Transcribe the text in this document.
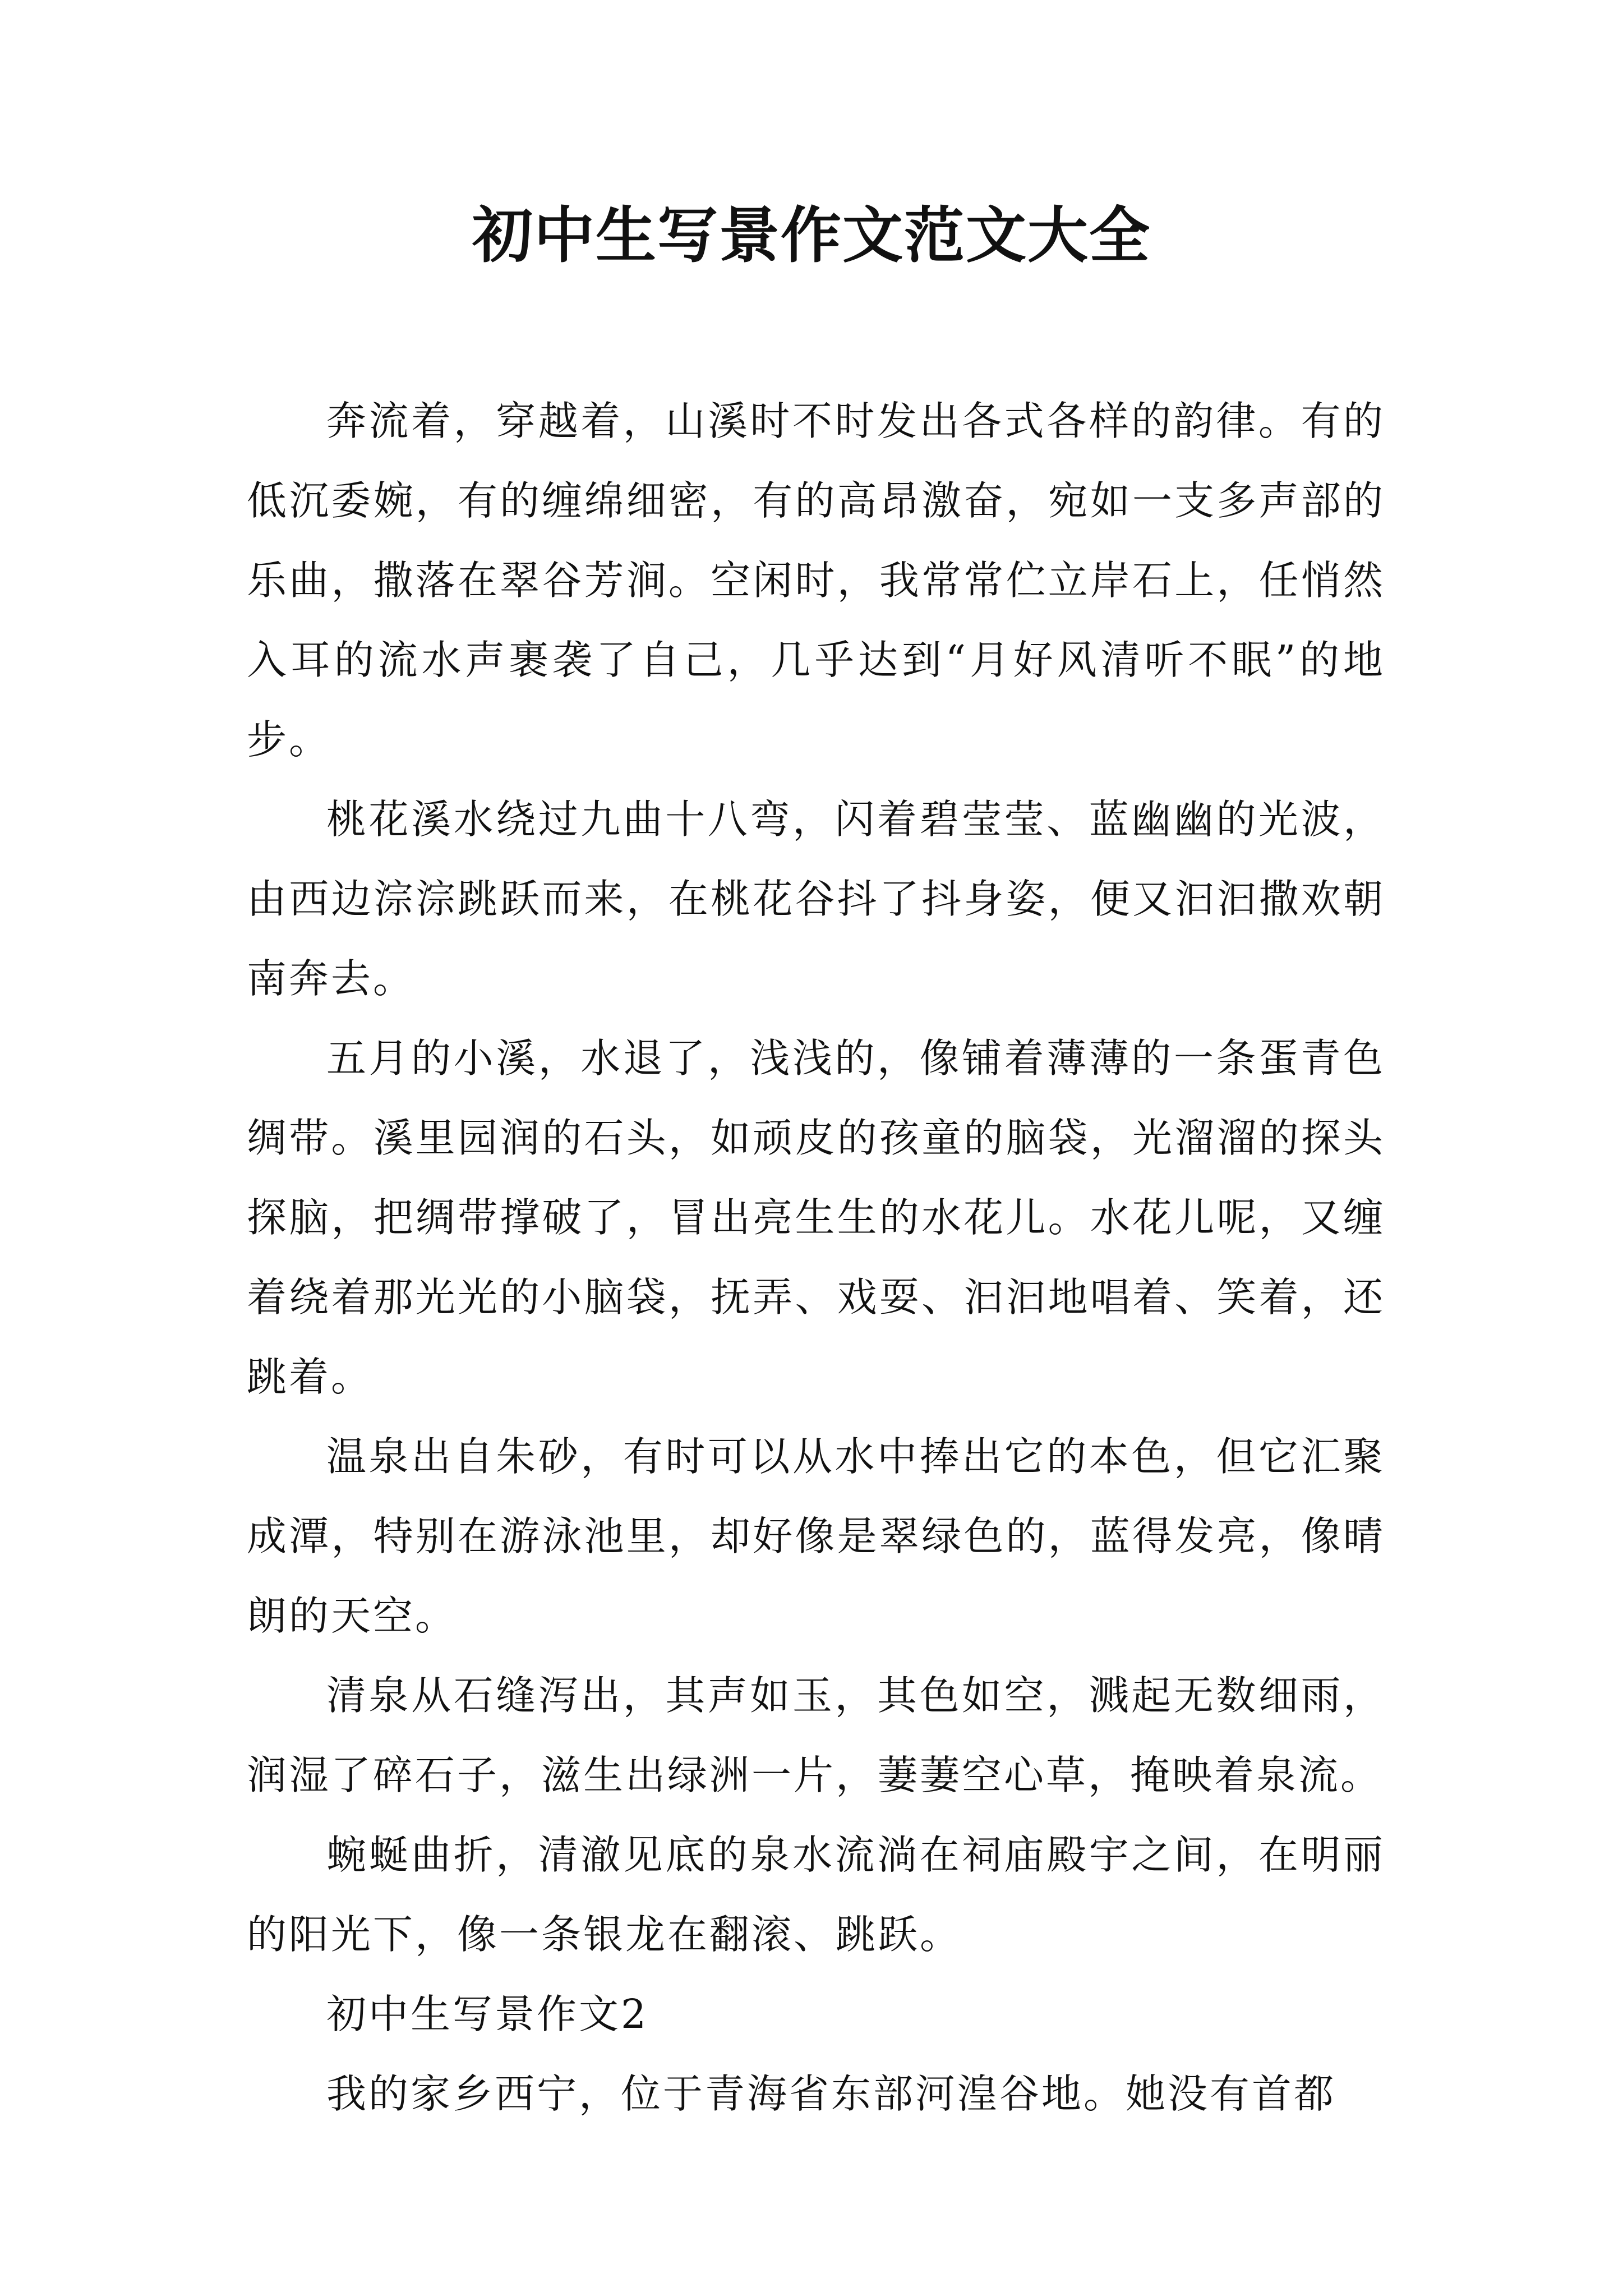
初中生写景作文范文大全

奔流着，穿越着，山溪时不时发出各式各样的韵律。有的低沉委婉，有的缠绵细密，有的高昂激奋，宛如一支多声部的乐曲，撒落在翠谷芳涧。空闲时，我常常伫立岸石上，任悄然入耳的流水声裹袭了自己，几乎达到“月好风清听不眠”的地步。

桃花溪水绕过九曲十八弯，闪着碧莹莹、蓝幽幽的光波，由西边淙淙跳跃而来，在桃花谷抖了抖身姿，便又汩汩撒欢朝南奔去。

五月的小溪，水退了，浅浅的，像铺着薄薄的一条蛋青色绸带。溪里园润的石头，如顽皮的孩童的脑袋，光溜溜的探头探脑，把绸带撑破了，冒出亮生生的水花儿。水花儿呢，又缠着绕着那光光的小脑袋，抚弄、戏耍、汩汩地唱着、笑着，还跳着。

温泉出自朱砂，有时可以从水中捧出它的本色，但它汇聚成潭，特别在游泳池里，却好像是翠绿色的，蓝得发亮，像晴朗的天空。

清泉从石缝泻出，其声如玉，其色如空，溅起无数细雨，润湿了碎石子，滋生出绿洲一片，萋萋空心草，掩映着泉流。

蜿蜒曲折，清澈见底的泉水流淌在祠庙殿宇之间，在明丽的阳光下，像一条银龙在翻滚、跳跃。

初中生写景作文2

我的家乡西宁，位于青海省东部河湟谷地。她没有首都
